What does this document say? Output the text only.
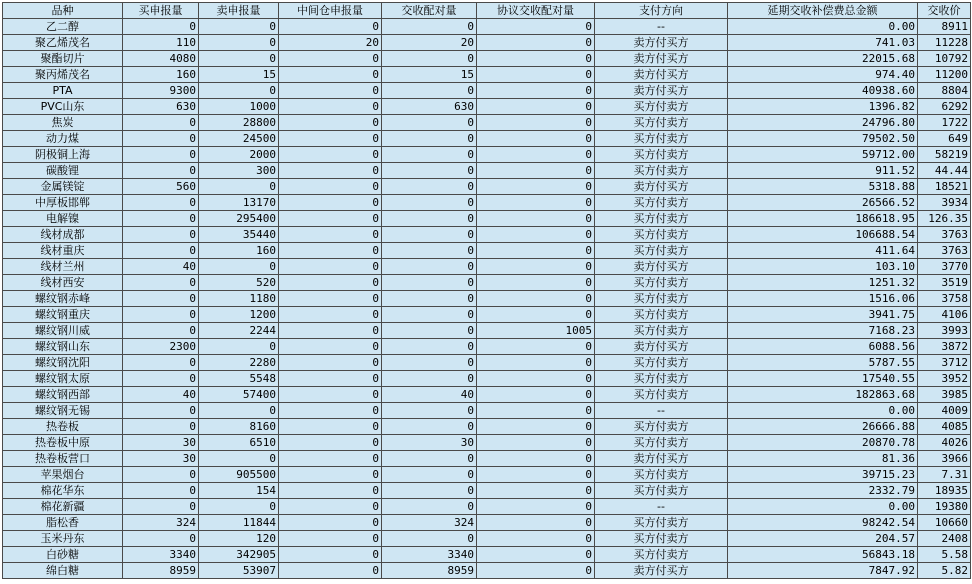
品种	买申报量	卖申报量	中间仓申报量	交收配对量	协议交收配对量	支付方向	延期交收补偿费总金额	交收价
乙二醇	0	0	0	0	0	--	0.00	8911
聚乙烯茂名	110	0	20	20	0	卖方付买方	741.03	11228
聚酯切片	4080	0	0	0	0	卖方付买方	22015.68	10792
聚丙烯茂名	160	15	0	15	0	卖方付买方	974.40	11200
PTA	9300	0	0	0	0	卖方付买方	40938.60	8804
PVC山东	630	1000	0	630	0	买方付卖方	1396.82	6292
焦炭	0	28800	0	0	0	买方付卖方	24796.80	1722
动力煤	0	24500	0	0	0	买方付卖方	79502.50	649
阴极铜上海	0	2000	0	0	0	买方付卖方	59712.00	58219
碳酸锂	0	300	0	0	0	买方付卖方	911.52	44.44
金属镁锭	560	0	0	0	0	卖方付买方	5318.88	18521
中厚板邯郸	0	13170	0	0	0	买方付卖方	26566.52	3934
电解镍	0	295400	0	0	0	买方付卖方	186618.95	126.35
线材成都	0	35440	0	0	0	买方付卖方	106688.54	3763
线材重庆	0	160	0	0	0	买方付卖方	411.64	3763
线材兰州	40	0	0	0	0	卖方付买方	103.10	3770
线材西安	0	520	0	0	0	买方付卖方	1251.32	3519
螺纹钢赤峰	0	1180	0	0	0	买方付卖方	1516.06	3758
螺纹钢重庆	0	1200	0	0	0	买方付卖方	3941.75	4106
螺纹钢川威	0	2244	0	0	1005	买方付卖方	7168.23	3993
螺纹钢山东	2300	0	0	0	0	卖方付买方	6088.56	3872
螺纹钢沈阳	0	2280	0	0	0	买方付卖方	5787.55	3712
螺纹钢太原	0	5548	0	0	0	买方付卖方	17540.55	3952
螺纹钢西部	40	57400	0	40	0	买方付卖方	182863.68	3985
螺纹钢无锡	0	0	0	0	0	--	0.00	4009
热卷板	0	8160	0	0	0	买方付卖方	26666.88	4085
热卷板中原	30	6510	0	30	0	买方付卖方	20870.78	4026
热卷板营口	30	0	0	0	0	卖方付买方	81.36	3966
苹果烟台	0	905500	0	0	0	买方付卖方	39715.23	7.31
棉花华东	0	154	0	0	0	买方付卖方	2332.79	18935
棉花新疆	0	0	0	0	0	--	0.00	19380
脂松香	324	11844	0	324	0	买方付卖方	98242.54	10660
玉米丹东	0	120	0	0	0	买方付卖方	204.57	2408
白砂糖	3340	342905	0	3340	0	买方付卖方	56843.18	5.58
绵白糖	8959	53907	0	8959	0	卖方付买方	7847.92	5.82
